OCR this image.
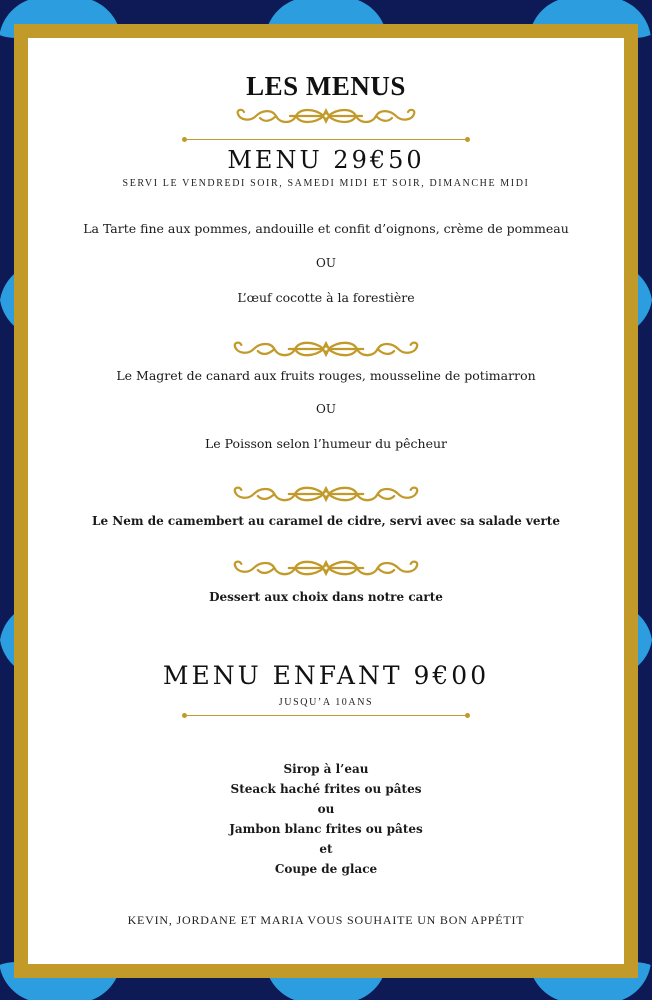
LES MENUS
MENU 29€50
SERVI LE VENDREDI SOIR, SAMEDI MIDI ET SOIR, DIMANCHE MIDI
La Tarte fine aux pommes, andouille et confit d’oignons, crème de pommeau
OU
L’œuf cocotte à la forestière
Le Magret de canard aux fruits rouges, mousseline de potimarron
OU
Le Poisson selon l’humeur du pêcheur
Le Nem de camembert au caramel de cidre, servi avec sa salade verte
Dessert aux choix dans notre carte
MENU ENFANT 9€00
JUSQU’A 10ANS
Sirop à l’eau
Steack haché frites ou pâtes
ou
Jambon blanc frites ou pâtes
et
Coupe de glace
KEVIN, JORDANE ET MARIA VOUS SOUHAITE UN BON APPÉTIT
